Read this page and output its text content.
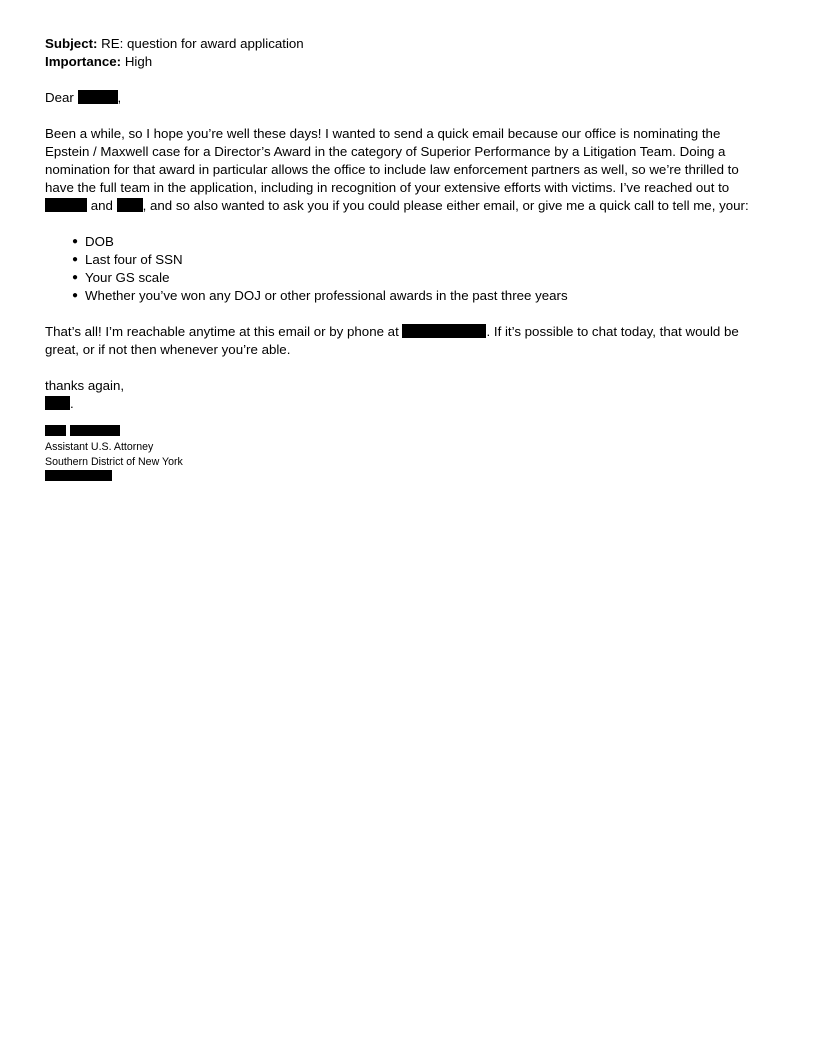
Subject: RE: question for award application
Importance: High
Dear	,
Been a while, so I hope you’re well these days! I wanted to send a quick email because our office is nominating the
Epstein / Maxwell case for a Director’s Award in the category of Superior Performance by a Litigation Team. Doing a
nomination for that award in particular allows the office to include law enforcement partners as well, so we’re thrilled to
have the full team in the application, including in recognition of your extensive efforts with victims. I’ve reached out to
and , and so also wanted to ask you if you could please either email, or give me a quick call to tell me, your:
● DOB
● Last four of SSN
● Your GS scale
● Whether you’ve won any DOJ or other professional awards in the past three years
That’s all! I’m reachable anytime at this email or by phone at	. If it’s possible to chat today, that would be
great, or if not then whenever you’re able.
thanks again,
.

Assistant U.S. Attorney
Southern District of New York
